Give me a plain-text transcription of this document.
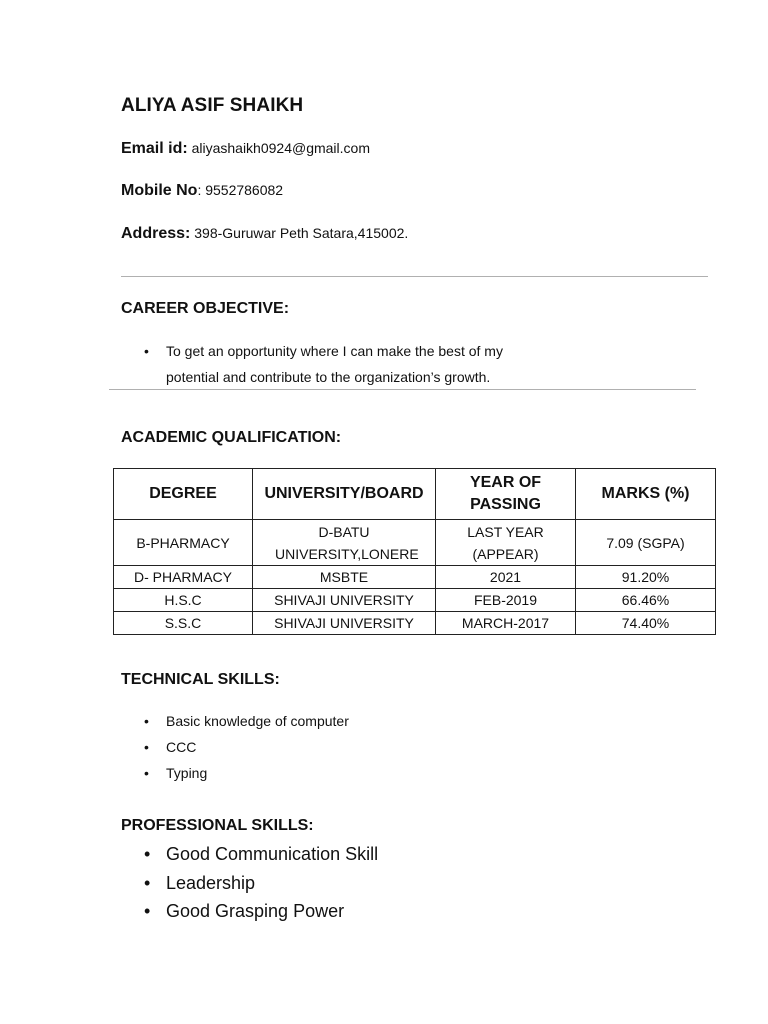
ALIYA ASIF SHAIKH
Email id: aliyashaikh0924@gmail.com
Mobile No: 9552786082
Address: 398-Guruwar Peth Satara,415002.
CAREER OBJECTIVE:
• To get an opportunity where I can make the best of my
potential and contribute to the organization’s growth.
ACADEMIC QUALIFICATION:
DEGREE	UNIVERSITY/BOARD	YEAR OF PASSING	MARKS (%)
B-PHARMACY	D-BATU UNIVERSITY,LONERE	LAST YEAR (APPEAR)	7.09 (SGPA)
D- PHARMACY	MSBTE	2021	91.20%
H.S.C	SHIVAJI UNIVERSITY	FEB-2019	66.46%
S.S.C	SHIVAJI UNIVERSITY	MARCH-2017	74.40%
TECHNICAL SKILLS:
• Basic knowledge of computer
• CCC
• Typing
PROFESSIONAL SKILLS:
• Good Communication Skill
• Leadership
• Good Grasping Power
